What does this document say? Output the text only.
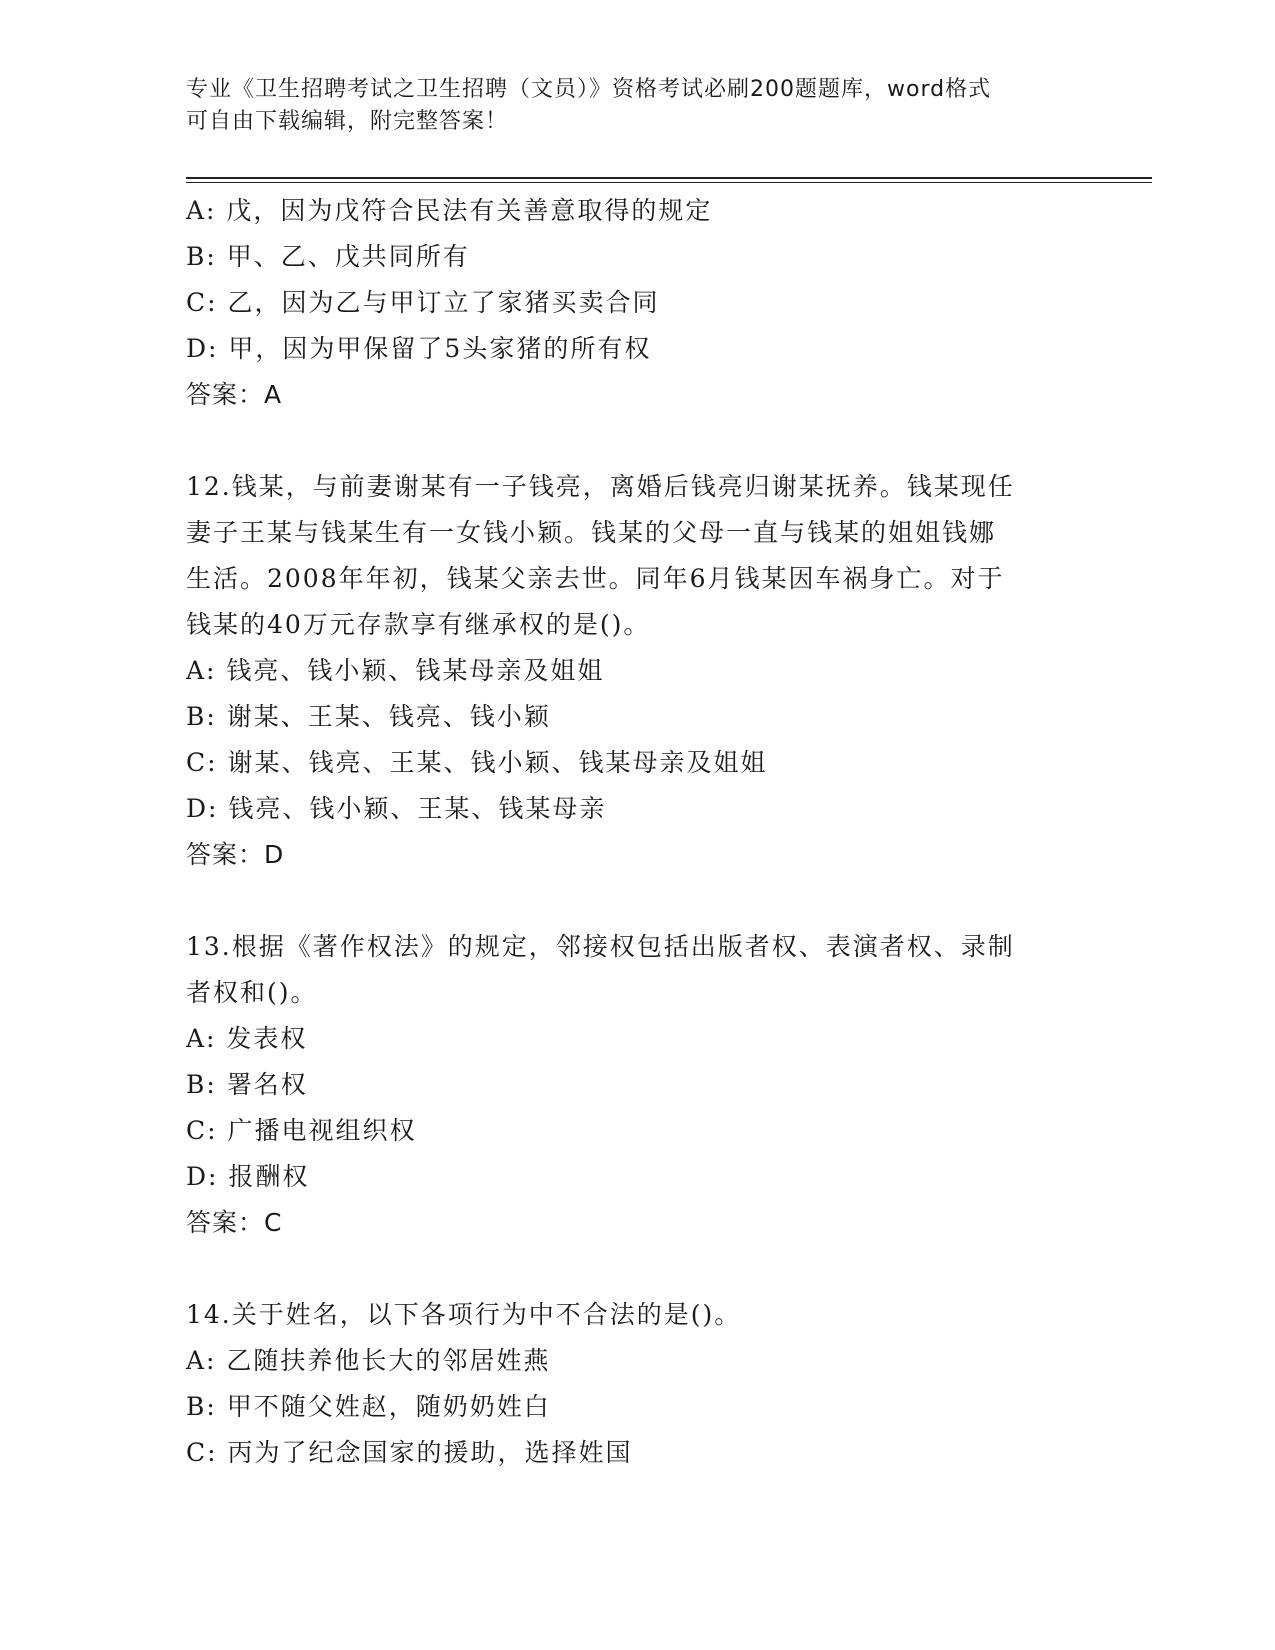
专业《卫生招聘考试之卫生招聘（文员）》资格考试必刷200题题库，word格式
可自由下载编辑，附完整答案！
A: 戊，因为戊符合民法有关善意取得的规定
B: 甲、乙、戊共同所有
C: 乙，因为乙与甲订立了家猪买卖合同
D: 甲，因为甲保留了5头家猪的所有权
答案：A
12.钱某，与前妻谢某有一子钱亮，离婚后钱亮归谢某抚养。钱某现任
妻子王某与钱某生有一女钱小颖。钱某的父母一直与钱某的姐姐钱娜
生活。2008年年初，钱某父亲去世。同年6月钱某因车祸身亡。对于
钱某的40万元存款享有继承权的是()。
A: 钱亮、钱小颖、钱某母亲及姐姐
B: 谢某、王某、钱亮、钱小颖
C: 谢某、钱亮、王某、钱小颖、钱某母亲及姐姐
D: 钱亮、钱小颖、王某、钱某母亲
答案：D
13.根据《著作权法》的规定，邻接权包括出版者权、表演者权、录制
者权和()。
A: 发表权
B: 署名权
C: 广播电视组织权
D: 报酬权
答案：C
14.关于姓名，以下各项行为中不合法的是()。
A: 乙随扶养他长大的邻居姓燕
B: 甲不随父姓赵，随奶奶姓白
C: 丙为了纪念国家的援助，选择姓国
